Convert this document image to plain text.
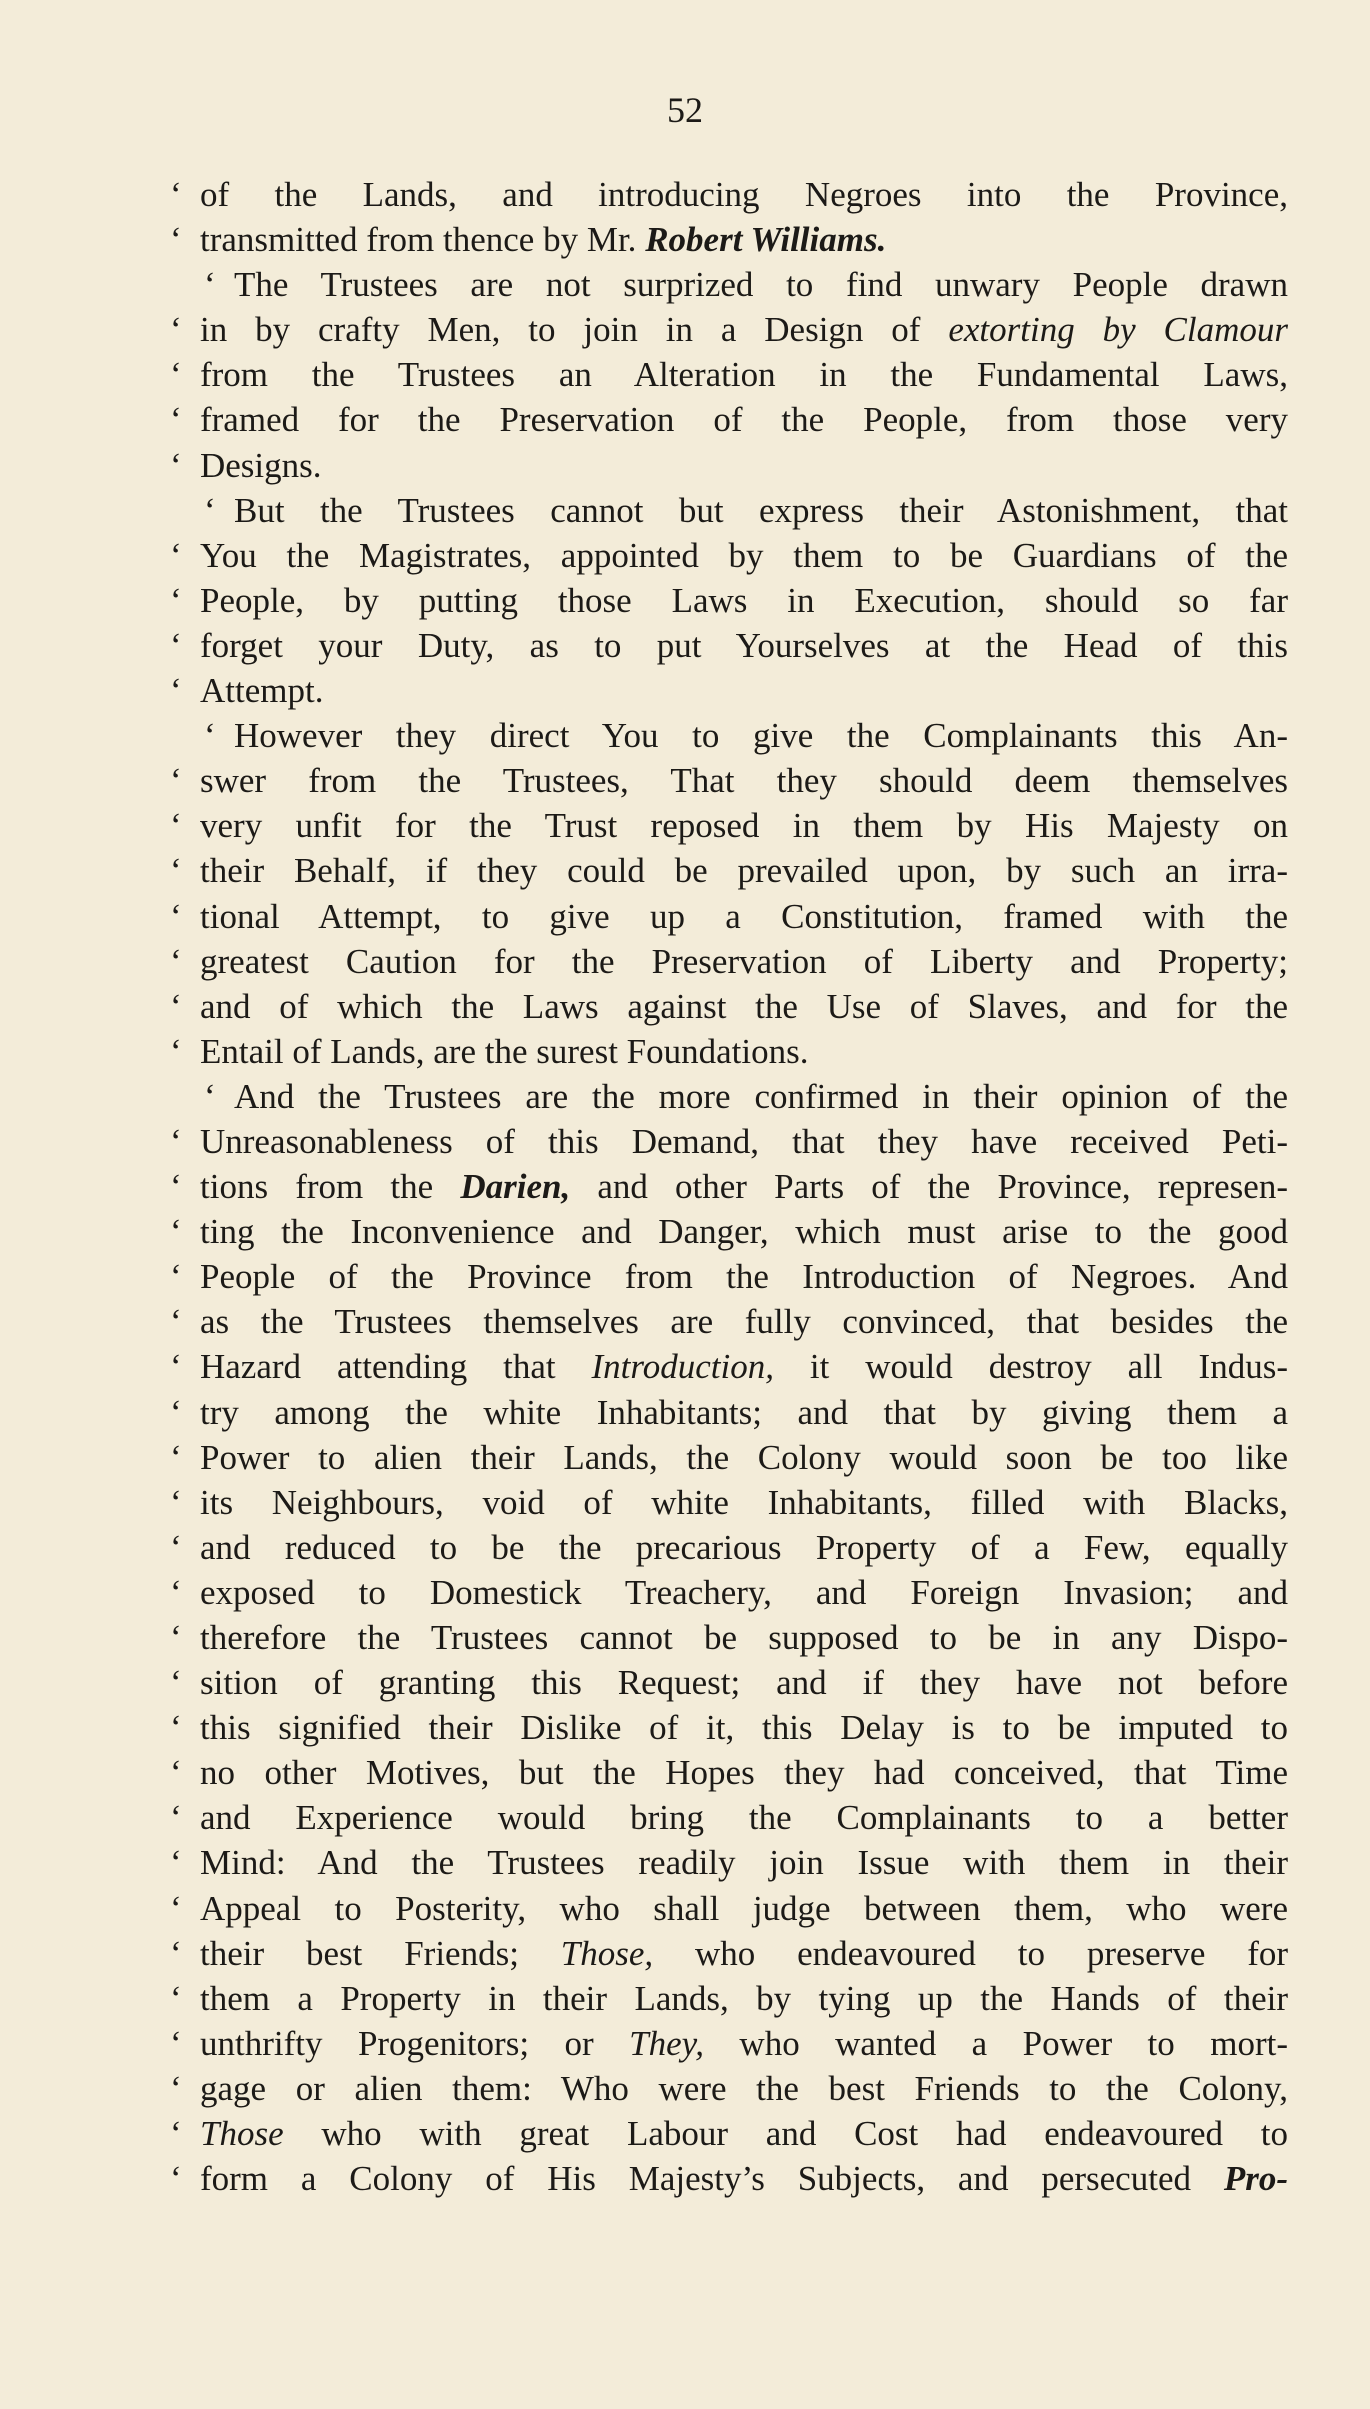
52
‘ of the Lands, and introducing Negroes into the Province,
‘ transmitted from thence by Mr. Robert Williams.
‘ The Trustees are not surprized to find unwary People drawn
‘ in by crafty Men, to join in a Design of extorting by Clamour
‘ from the Trustees an Alteration in the Fundamental Laws,
‘ framed for the Preservation of the People, from those very
‘ Designs.
‘ But the Trustees cannot but express their Astonishment, that
‘ You the Magistrates, appointed by them to be Guardians of the
‘ People, by putting those Laws in Execution, should so far
‘ forget your Duty, as to put Yourselves at the Head of this
‘ Attempt.
‘ However they direct You to give the Complainants this An-
‘ swer from the Trustees, That they should deem themselves
‘ very unfit for the Trust reposed in them by His Majesty on
‘ their Behalf, if they could be prevailed upon, by such an irra-
‘ tional Attempt, to give up a Constitution, framed with the
‘ greatest Caution for the Preservation of Liberty and Property;
‘ and of which the Laws against the Use of Slaves, and for the
‘ Entail of Lands, are the surest Foundations.
‘ And the Trustees are the more confirmed in their opinion of the
‘ Unreasonableness of this Demand, that they have received Peti-
‘ tions from the Darien, and other Parts of the Province, represen-
‘ ting the Inconvenience and Danger, which must arise to the good
‘ People of the Province from the Introduction of Negroes. And
‘ as the Trustees themselves are fully convinced, that besides the
‘ Hazard attending that Introduction, it would destroy all Indus-
‘ try among the white Inhabitants; and that by giving them a
‘ Power to alien their Lands, the Colony would soon be too like
‘ its Neighbours, void of white Inhabitants, filled with Blacks,
‘ and reduced to be the precarious Property of a Few, equally
‘ exposed to Domestick Treachery, and Foreign Invasion; and
‘ therefore the Trustees cannot be supposed to be in any Dispo-
‘ sition of granting this Request; and if they have not before
‘ this signified their Dislike of it, this Delay is to be imputed to
‘ no other Motives, but the Hopes they had conceived, that Time
‘ and Experience would bring the Complainants to a better
‘ Mind: And the Trustees readily join Issue with them in their
‘ Appeal to Posterity, who shall judge between them, who were
‘ their best Friends; Those, who endeavoured to preserve for
‘ them a Property in their Lands, by tying up the Hands of their
‘ unthrifty Progenitors; or They, who wanted a Power to mort-
‘ gage or alien them: Who were the best Friends to the Colony,
‘ Those who with great Labour and Cost had endeavoured to
‘ form a Colony of His Majesty’s Subjects, and persecuted Pro-
